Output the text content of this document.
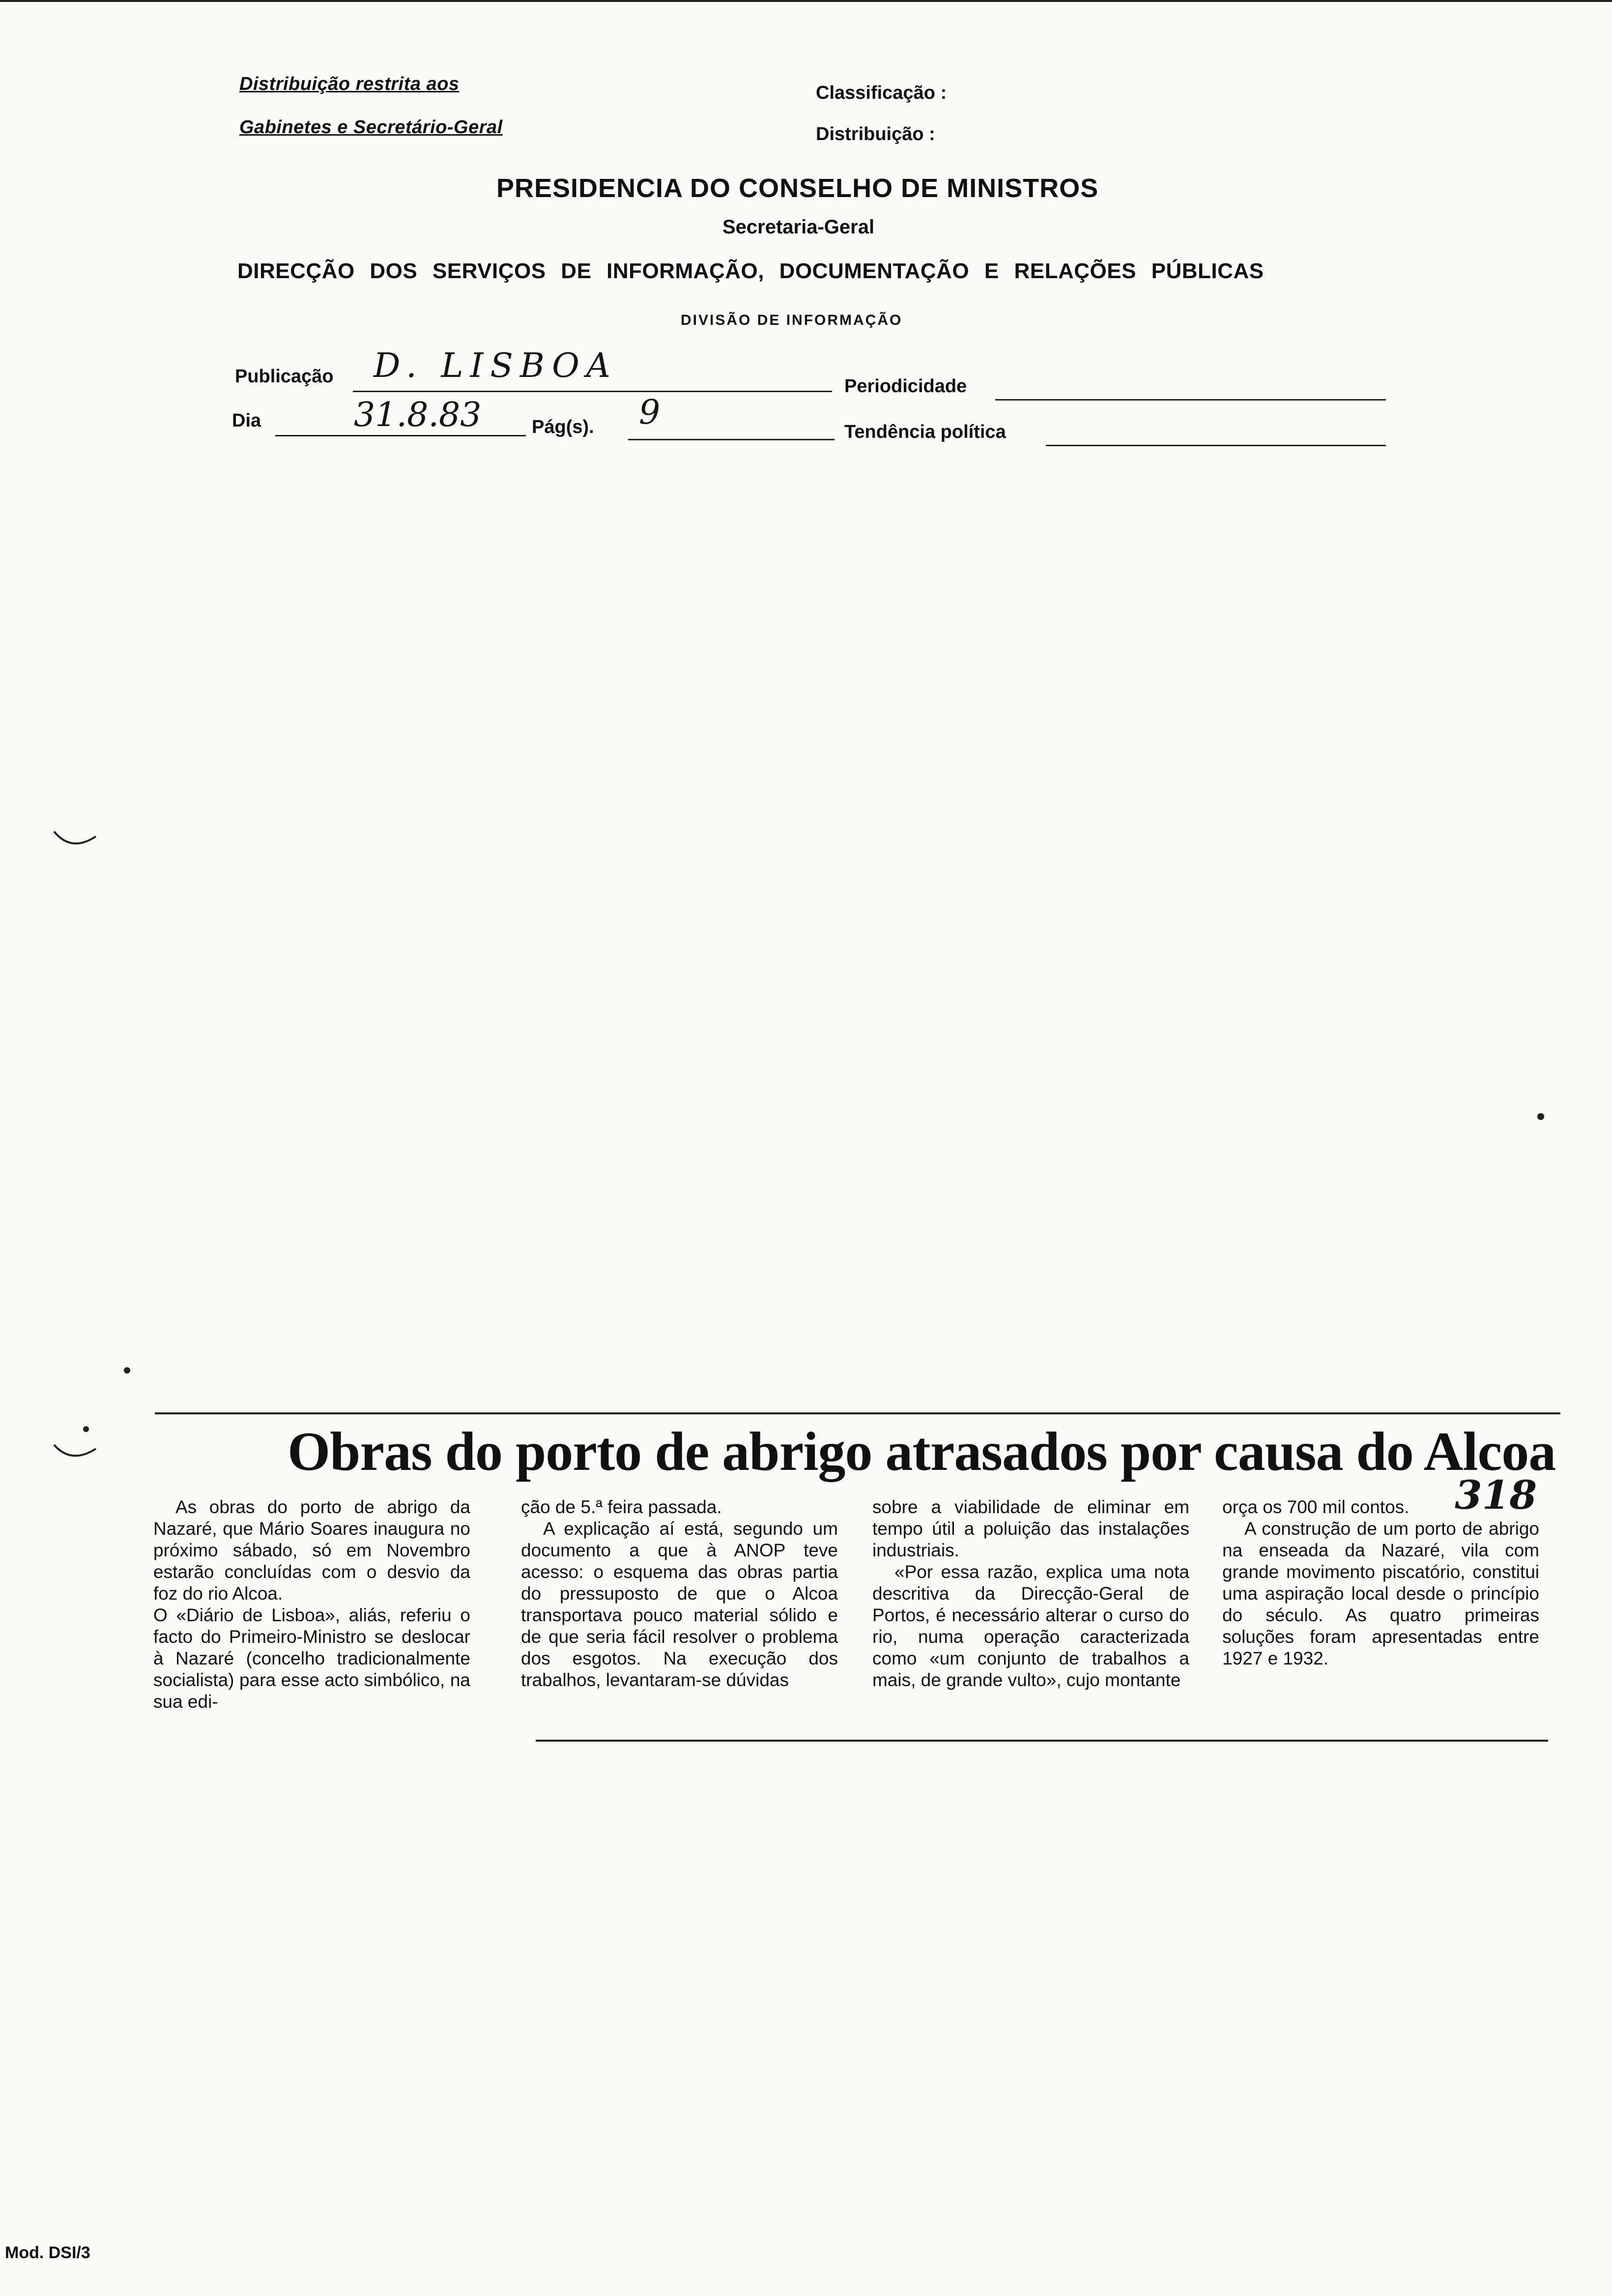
Distribuição restrita aos
Gabinetes e Secretário-Geral
Classificação :
Distribuição :
PRESIDENCIA DO CONSELHO DE MINISTROS
Secretaria-Geral
DIRECÇÃO DOS SERVIÇOS DE INFORMAÇÃO, DOCUMENTAÇÃO E RELAÇÕES PÚBLICAS
DIVISÃO DE INFORMAÇÃO
Publicação D. LISBOA
Periodicidade
Dia	31.8.83	Pág(s). 9	Tendência política
Obras do porto de abrigo atrasados por causa do Alcoa
318

As obras do porto de abrigo da Nazaré, que Mário Soares inaugura no próximo sábado, só em Novembro estarão concluídas com o desvio da foz do rio Alcoa.

O «Diário de Lisboa», aliás, referiu o facto do Primeiro-Ministro se deslocar à Nazaré (concelho tradicionalmente socialista) para esse acto simbólico, na sua edi-

ção de 5.ª feira passada.

A explicação aí está, segundo um documento a que à ANOP teve acesso: o esquema das obras partia do pressuposto de que o Alcoa transportava pouco material sólido e de que seria fácil resolver o problema dos esgotos. Na execução dos trabalhos, levantaram-se dúvidas

sobre a viabilidade de eliminar em tempo útil a poluição das instalações industriais.

«Por essa razão, explica uma nota descritiva da Direcção-Geral de Portos, é necessário alterar o curso do rio, numa operação caracterizada como «um conjunto de trabalhos a mais, de grande vulto», cujo montante

orça os 700 mil contos.

A construção de um porto de abrigo na enseada da Nazaré, vila com grande movimento piscatório, constitui uma aspiração local desde o princípio do século. As quatro primeiras soluções foram apresentadas entre 1927 e 1932.

Mod. DSI/3
